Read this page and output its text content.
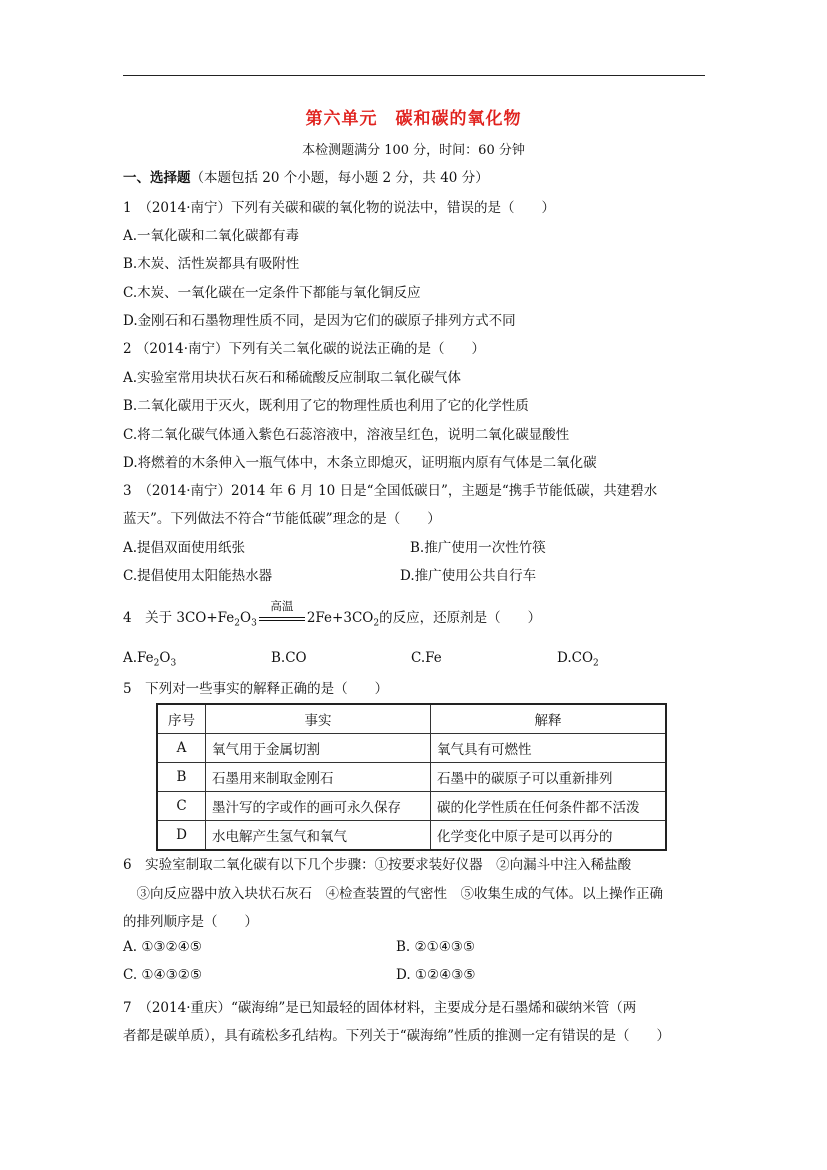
第六单元　碳和碳的氧化物
本检测题满分 100 分，时间：60 分钟
一、选择题（本题包括 20 个小题，每小题 2 分，共 40 分）
1　（2014·南宁）下列有关碳和碳的氧化物的说法中，错误的是（　　）
A.一氧化碳和二氧化碳都有毒
B.木炭、活性炭都具有吸附性
C.木炭、一氧化碳在一定条件下都能与氧化铜反应
D.金刚石和石墨物理性质不同，是因为它们的碳原子排列方式不同
2 （2014·南宁）下列有关二氧化碳的说法正确的是（　　）
A.实验室常用块状石灰石和稀硫酸反应制取二氧化碳气体
B.二氧化碳用于灭火，既利用了它的物理性质也利用了它的化学性质
C.将二氧化碳气体通入紫色石蕊溶液中，溶液呈红色，说明二氧化碳显酸性
D.将燃着的木条伸入一瓶气体中，木条立即熄灭，证明瓶内原有气体是二氧化碳
3　（2014·南宁）2014 年 6 月 10 日是“全国低碳日”，主题是“携手节能低碳，共建碧水
蓝天”。下列做法不符合“节能低碳”理念的是（　　）
A.提倡双面使用纸张	B.推广使用一次性竹筷
C.提倡使用太阳能热水器	D.推广使用公共自行车
4　关于 $3CO+Fe_2O_3$
高温
$2Fe+3CO_2$的反应，还原剂是（　　）
$A.Fe_2O_3$	B.CO	C.Fe	$D.CO_2$
5　下列对一些事实的解释正确的是（　　）
序号	事实	解释
A	氧气用于金属切割	氧气具有可燃性
B	石墨用来制取金刚石	石墨中的碳原子可以重新排列
C	墨汁写的字或作的画可永久保存	碳的化学性质在任何条件都不活泼
D	水电解产生氢气和氧气	化学变化中原子是可以再分的
6　实验室制取二氧化碳有以下几个步骤：①按要求装好仪器　②向漏斗中注入稀盐酸
　③向反应器中放入块状石灰石　④检查装置的气密性　⑤收集生成的气体。以上操作正确
的排列顺序是（　　）
A. ①③②④⑤	B. ②①④③⑤
C. ①④③②⑤	D. ①②④③⑤
7　（2014·重庆）“碳海绵”是已知最轻的固体材料，主要成分是石墨烯和碳纳米管（两
者都是碳单质），具有疏松多孔结构。下列关于“碳海绵”性质的推测一定有错误的是（　　）
